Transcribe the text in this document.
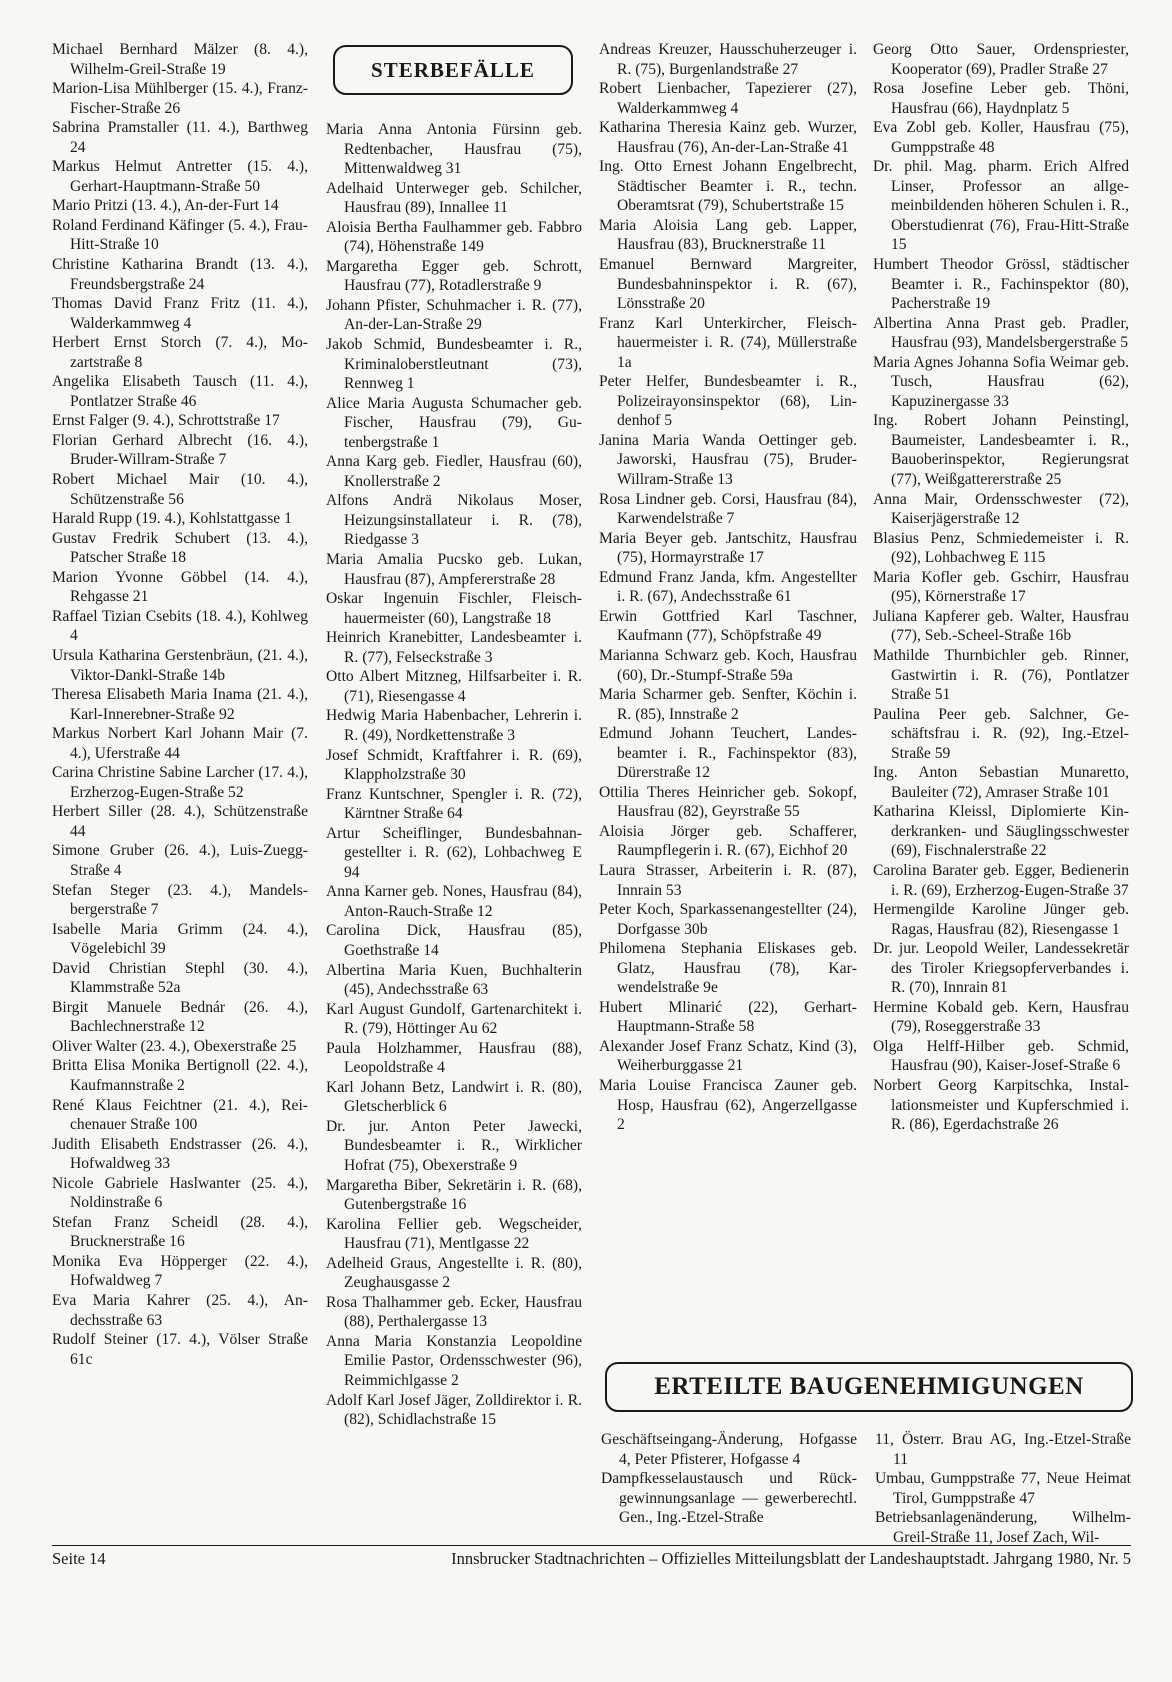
Michael Bernhard Mälzer (8. 4.), Wilhelm-Greil-Straße 19

Marion-Lisa Mühlberger (15. 4.), Franz-Fischer-Straße 26

Sabrina Pramstaller (11. 4.), Barthweg 24

Markus Helmut Antretter (15. 4.), Gerhart-Hauptmann-Straße 50

Mario Pritzi (13. 4.), An-der-Furt 14

Roland Ferdinand Käfinger (5. 4.), Frau-Hitt-Straße 10

Christine Katharina Brandt (13. 4.), Freundsbergstraße 24

Thomas David Franz Fritz (11. 4.), Walderkammweg 4

Herbert Ernst Storch (7. 4.), Mozartstraße 8

Angelika Elisabeth Tausch (11. 4.), Pontlatzer Straße 46

Ernst Falger (9. 4.), Schrottstraße 17

Florian Gerhard Albrecht (16. 4.), Bruder-Willram-Straße 7

Robert Michael Mair (10. 4.), Schützenstraße 56

Harald Rupp (19. 4.), Kohlstattgasse 1

Gustav Fredrik Schubert (13. 4.), Patscher Straße 18

Marion Yvonne Göbbel (14. 4.), Rehgasse 21

Raffael Tizian Csebits (18. 4.), Kohlweg 4

Ursula Katharina Gerstenbräun, (21. 4.), Viktor-Dankl-Straße 14b

Theresa Elisabeth Maria Inama (21. 4.), Karl-Innerebner-Straße 92

Markus Norbert Karl Johann Mair (7. 4.), Uferstraße 44

Carina Christine Sabine Larcher (17. 4.), Erzherzog-Eugen-Straße 52

Herbert Siller (28. 4.), Schützenstraße 44

Simone Gruber (26. 4.), Luis-Zuegg-Straße 4

Stefan Steger (23. 4.), Mandelsbergerstraße 7

Isabelle Maria Grimm (24. 4.), Vögelebichl 39

David Christian Stephl (30. 4.), Klammstraße 52a

Birgit Manuele Bednár (26. 4.), Bachlechnerstraße 12

Oliver Walter (23. 4.), Obexerstraße 25

Britta Elisa Monika Bertignoll (22. 4.), Kaufmannstraße 2

René Klaus Feichtner (21. 4.), Reichenauer Straße 100

Judith Elisabeth Endstrasser (26. 4.), Hofwaldweg 33

Nicole Gabriele Haslwanter (25. 4.), Noldinstraße 6

Stefan Franz Scheidl (28. 4.), Brucknerstraße 16

Monika Eva Höpperger (22. 4.), Hofwaldweg 7

Eva Maria Kahrer (25. 4.), Andechsstraße 63

Rudolf Steiner (17. 4.), Völser Straße 61c

STERBEFÄLLE

Maria Anna Antonia Fürsinn geb. Redtenbacher, Hausfrau (75), Mittenwaldweg 31

Adelhaid Unterweger geb. Schilcher, Hausfrau (89), Innallee 11

Aloisia Bertha Faulhammer geb. Fabbro (74), Höhenstraße 149

Margaretha Egger geb. Schrott, Hausfrau (77), Rotadlerstraße 9

Johann Pfister, Schuhmacher i. R. (77), An-der-Lan-Straße 29

Jakob Schmid, Bundesbeamter i. R., Kriminaloberstleutnant (73), Rennweg 1

Alice Maria Augusta Schumacher geb. Fischer, Hausfrau (79), Gutenbergstraße 1

Anna Karg geb. Fiedler, Hausfrau (60), Knollerstraße 2

Alfons Andrä Nikolaus Moser, Heizungsinstallateur i. R. (78), Riedgasse 3

Maria Amalia Pucsko geb. Lukan, Hausfrau (87), Ampfererstraße 28

Oskar Ingenuin Fischler, Fleischhauermeister (60), Langstraße 18

Heinrich Kranebitter, Landesbeamter i. R. (77), Felseckstraße 3

Otto Albert Mitzneg, Hilfsarbeiter i. R. (71), Riesengasse 4

Hedwig Maria Habenbacher, Lehrerin i. R. (49), Nordkettenstraße 3

Josef Schmidt, Kraftfahrer i. R. (69), Klappholzstraße 30

Franz Kuntschner, Spengler i. R. (72), Kärntner Straße 64

Artur Scheiflinger, Bundesbahnangestellter i. R. (62), Lohbachweg E 94

Anna Karner geb. Nones, Hausfrau (84), Anton-Rauch-Straße 12

Carolina Dick, Hausfrau (85), Goethstraße 14

Albertina Maria Kuen, Buchhalterin (45), Andechsstraße 63

Karl August Gundolf, Gartenarchitekt i. R. (79), Höttinger Au 62

Paula Holzhammer, Hausfrau (88), Leopoldstraße 4

Karl Johann Betz, Landwirt i. R. (80), Gletscherblick 6

Dr. jur. Anton Peter Jawecki, Bundesbeamter i. R., Wirklicher Hofrat (75), Obexerstraße 9

Margaretha Biber, Sekretärin i. R. (68), Gutenbergstraße 16

Karolina Fellier geb. Wegscheider, Hausfrau (71), Mentlgasse 22

Adelheid Graus, Angestellte i. R. (80), Zeughausgasse 2

Rosa Thalhammer geb. Ecker, Hausfrau (88), Perthalergasse 13

Anna Maria Konstanzia Leopoldine Emilie Pastor, Ordensschwester (96), Reimmichlgasse 2

Adolf Karl Josef Jäger, Zolldirektor i. R. (82), Schidlachstraße 15

Andreas Kreuzer, Hausschuherzeuger i. R. (75), Burgenlandstraße 27

Robert Lienbacher, Tapezierer (27), Walderkammweg 4

Katharina Theresia Kainz geb. Wurzer, Hausfrau (76), An-der-Lan-Straße 41

Ing. Otto Ernest Johann Engelbrecht, Städtischer Beamter i. R., techn. Oberamtsrat (79), Schubertstraße 15

Maria Aloisia Lang geb. Lapper, Hausfrau (83), Brucknerstraße 11

Emanuel Bernward Margreiter, Bundesbahninspektor i. R. (67), Lönsstraße 20

Franz Karl Unterkircher, Fleischhauermeister i. R. (74), Müllerstraße 1a

Peter Helfer, Bundesbeamter i. R., Polizeirayonsinspektor (68), Lindenhof 5

Janina Maria Wanda Oettinger geb. Jaworski, Hausfrau (75), Bruder-Willram-Straße 13

Rosa Lindner geb. Corsi, Hausfrau (84), Karwendelstraße 7

Maria Beyer geb. Jantschitz, Hausfrau (75), Hormayrstraße 17

Edmund Franz Janda, kfm. Angestellter i. R. (67), Andechsstraße 61

Erwin Gottfried Karl Taschner, Kaufmann (77), Schöpfstraße 49

Marianna Schwarz geb. Koch, Hausfrau (60), Dr.-Stumpf-Straße 59a

Maria Scharmer geb. Senfter, Köchin i. R. (85), Innstraße 2

Edmund Johann Teuchert, Landesbeamter i. R., Fachinspektor (83), Dürerstraße 12

Ottilia Theres Heinricher geb. Sokopf, Hausfrau (82), Geyrstraße 55

Aloisia Jörger geb. Schafferer, Raumpflegerin i. R. (67), Eichhof 20

Laura Strasser, Arbeiterin i. R. (87), Innrain 53

Peter Koch, Sparkassenangestellter (24), Dorfgasse 30b

Philomena Stephania Eliskases geb. Glatz, Hausfrau (78), Karwendelstraße 9e

Hubert Mlinarić (22), Gerhart-Hauptmann-Straße 58

Alexander Josef Franz Schatz, Kind (3), Weiherburggasse 21

Maria Louise Francisca Zauner geb. Hosp, Hausfrau (62), Angerzellgasse 2

Georg Otto Sauer, Ordenspriester, Kooperator (69), Pradler Straße 27

Rosa Josefine Leber geb. Thöni, Hausfrau (66), Haydnplatz 5

Eva Zobl geb. Koller, Hausfrau (75), Gumppstraße 48

Dr. phil. Mag. pharm. Erich Alfred Linser, Professor an allgemeinbildenden höheren Schulen i. R., Oberstudienrat (76), Frau-Hitt-Straße 15

Humbert Theodor Grössl, städtischer Beamter i. R., Fachinspektor (80), Pacherstraße 19

Albertina Anna Prast geb. Pradler, Hausfrau (93), Mandelsbergerstraße 5

Maria Agnes Johanna Sofia Weimar geb. Tusch, Hausfrau (62), Kapuzinergasse 33

Ing. Robert Johann Peinstingl, Baumeister, Landesbeamter i. R., Bauoberinspektor, Regierungsrat (77), Weißgattererstraße 25

Anna Mair, Ordensschwester (72), Kaiserjägerstraße 12

Blasius Penz, Schmiedemeister i. R. (92), Lohbachweg E 115

Maria Kofler geb. Gschirr, Hausfrau (95), Körnerstraße 17

Juliana Kapferer geb. Walter, Hausfrau (77), Seb.-Scheel-Straße 16b

Mathilde Thurnbichler geb. Rinner, Gastwirtin i. R. (76), Pontlatzer Straße 51

Paulina Peer geb. Salchner, Geschäftsfrau i. R. (92), Ing.-Etzel-Straße 59

Ing. Anton Sebastian Munaretto, Bauleiter (72), Amraser Straße 101

Katharina Kleissl, Diplomierte Kinderkranken- und Säuglingsschwester (69), Fischnalerstraße 22

Carolina Barater geb. Egger, Bedienerin i. R. (69), Erzherzog-Eugen-Straße 37

Hermengilde Karoline Jünger geb. Ragas, Hausfrau (82), Riesengasse 1

Dr. jur. Leopold Weiler, Landessekretär des Tiroler Kriegsopferverbandes i. R. (70), Innrain 81

Hermine Kobald geb. Kern, Hausfrau (79), Roseggerstraße 33

Olga Helff-Hilber geb. Schmid, Hausfrau (90), Kaiser-Josef-Straße 6

Norbert Georg Karpitschka, Installationsmeister und Kupferschmied i. R. (86), Egerdachstraße 26

ERTEILTE BAUGENEHMIGUNGEN

Geschäftseingang-Änderung, Hofgasse 4, Peter Pfisterer, Hofgasse 4

Dampfkesselaustausch und Rückgewinnungsanlage — gewerberechtl. Gen., Ing.-Etzel-Straße

11, Österr. Brau AG, Ing.-Etzel-Straße 11

Umbau, Gumppstraße 77, Neue Heimat Tirol, Gumppstraße 47

Betriebsanlagenänderung, Wilhelm-Greil-Straße 11, Josef Zach, Wil-

Seite 14	Innsbrucker Stadtnachrichten – Offizielles Mitteilungsblatt der Landeshauptstadt. Jahrgang 1980, Nr. 5
